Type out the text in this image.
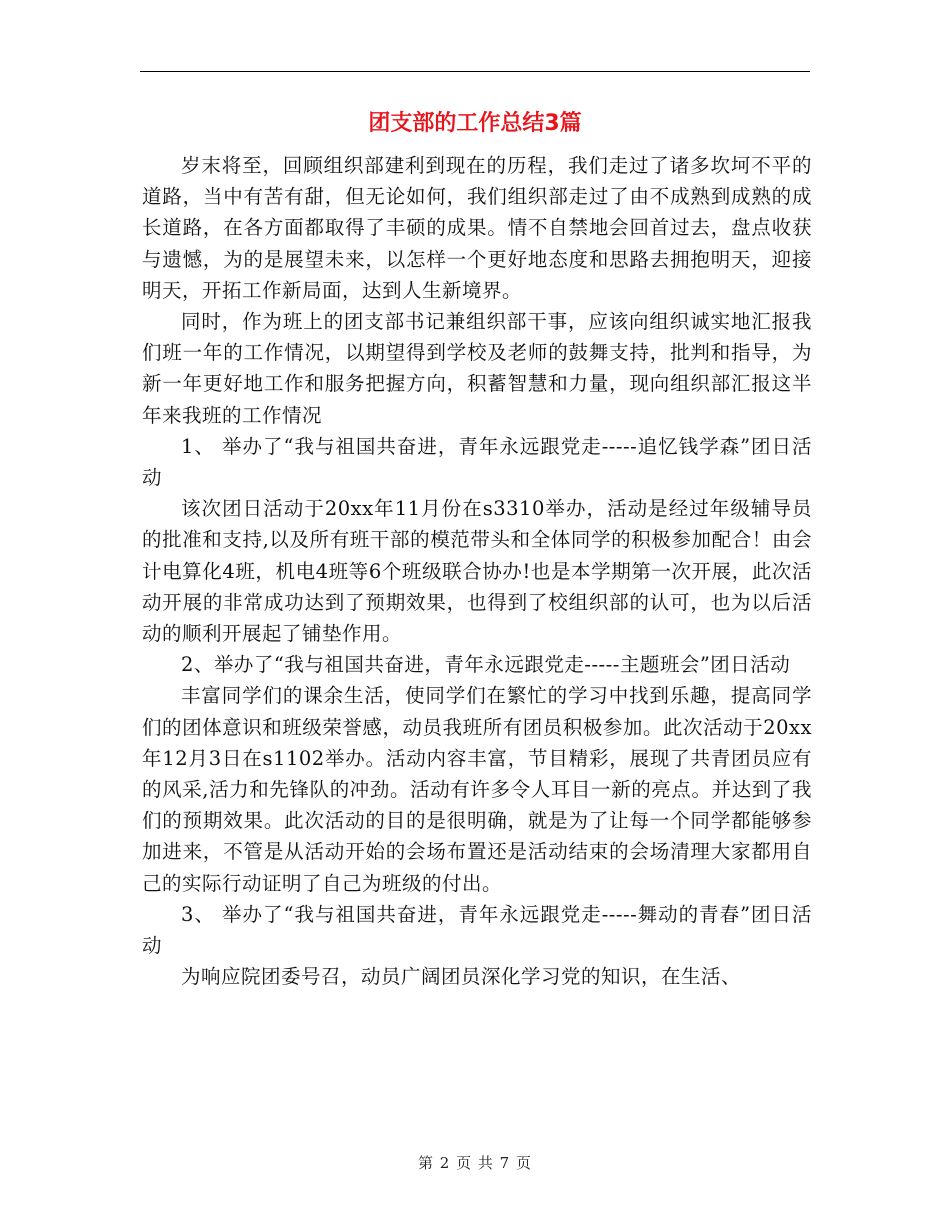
团支部的工作总结3篇

岁末将至，回顾组织部建利到现在的历程，我们走过了诸多坎坷不平的道路，当中有苦有甜，但无论如何，我们组织部走过了由不成熟到成熟的成长道路，在各方面都取得了丰硕的成果。情不自禁地会回首过去，盘点收获与遗憾，为的是展望未来，以怎样一个更好地态度和思路去拥抱明天，迎接明天，开拓工作新局面，达到人生新境界。

同时，作为班上的团支部书记兼组织部干事，应该向组织诚实地汇报我们班一年的工作情况，以期望得到学校及老师的鼓舞支持，批判和指导，为新一年更好地工作和服务把握方向，积蓄智慧和力量，现向组织部汇报这半年来我班的工作情况

1、 举办了“我与祖国共奋进，青年永远跟党走-----追忆钱学森”团日活动

该次团日活动于20xx年11月份在s3310举办，活动是经过年级辅导员的批准和支持,以及所有班干部的模范带头和全体同学的积极参加配合！由会计电算化4班，机电4班等6个班级联合协办!也是本学期第一次开展，此次活动开展的非常成功达到了预期效果，也得到了校组织部的认可，也为以后活动的顺利开展起了铺垫作用。

2、举办了“我与祖国共奋进，青年永远跟党走-----主题班会”团日活动

丰富同学们的课余生活，使同学们在繁忙的学习中找到乐趣，提高同学们的团体意识和班级荣誉感，动员我班所有团员积极参加。此次活动于20xx年12月3日在s1102举办。活动内容丰富，节目精彩，展现了共青团员应有的风采,活力和先锋队的冲劲。活动有许多令人耳目一新的亮点。并达到了我们的预期效果。此次活动的目的是很明确，就是为了让每一个同学都能够参加进来，不管是从活动开始的会场布置还是活动结束的会场清理大家都用自己的实际行动证明了自己为班级的付出。

3、 举办了“我与祖国共奋进，青年永远跟党走-----舞动的青春”团日活动

为响应院团委号召，动员广阔团员深化学习党的知识，在生活、

第 2 页 共 7 页
